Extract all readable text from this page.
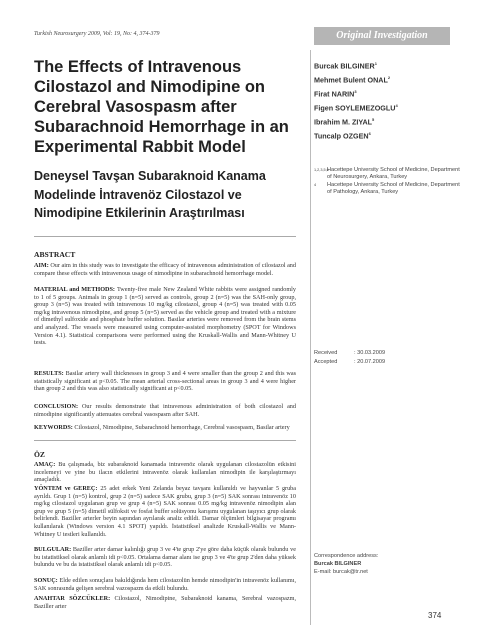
Turkish Neurosurgery 2009, Vol: 19, No: 4, 374-379	Original Investigation
The Effects of Intravenous Cilostazol and Nimodipine on Cerebral Vasospasm after Subarachnoid Hemorrhage in an Experimental Rabbit Model
Deneysel Tavşan Subaraknoid Kanama Modelinde İntravenöz Cilostazol ve Nimodipine Etkilerinin Araştırılması
Burcak BILGINER$^1$
Mehmet Bulent ONAL$^2$
Firat NARIN$^3$
Figen SOYLEMEZOGLU$^4$
Ibrahim M. ZIYAL$^5$
Tuncalp OZGEN$^6$
1,2,3,5,6
Hacettepe University School of Medicine, Department of Neurosurgery, Ankara, Turkey
4	Hacettepe University School of Medicine, Department of Pathology, Ankara, Turkey
Received	: 30.03.2009
Accepted	: 20.07.2009
Correspondence address:
Burcak BILGINER
E-mail: burcak@tr.net
ABSTRACT

AIM: Our aim in this study was to investigate the efficacy of intravenous administration of cilostazol and compare these effects with intravenous usage of nimodipine in subarachnoid hemorrhage model.

MATERIAL and METHODS: Twenty-five male New Zealand White rabbits were assigned randomly to 1 of 5 groups. Animals in group 1 (n=5) served as controls, group 2 (n=5) was the SAH-only group, group 3 (n=5) was treated with intravenous 10 mg/kg cilostazol, group 4 (n=5) was treated with 0.05 mg/kg intravenous nimodipine, and group 5 (n=5) served as the vehicle group and treated with a mixture of dimethyl sulfoxide and phosphate buffer solution. Basilar arteries were removed from the brain stems and analyzed. The vessels were measured using computer-assisted morphometry (SPOT for Windows Version 4.1). Statistical comparisons were performed using the Kruskall-Wallis and Mann-Whitney U tests.

RESULTS: Basilar artery wall thicknesses in group 3 and 4 were smaller than the group 2 and this was statistically significant at p<0.05. The mean arterial cross-sectional areas in group 3 and 4 were higher than group 2 and this was also statistically significant at p<0.05.

CONCLUSION: Our results demonstrate that intravenous administration of both cilostazol and nimodipine significantly attenuates cerebral vasospasm after SAH.

KEYWORDS: Cilostazol, Nimodipine, Subarachnoid hemorrhage, Cerebral vasospasm, Basilar artery

ÖZ

AMAÇ: Bu çalışmada, biz subaraknoid kanamada intravenöz olarak uygulanan cilostazolün etkisini incelemeyi ve yine bu ilacın etkilerini intravenöz olarak kullanılan nimodipin ile karşılaştırmayı amaçladık.

YÖNTEM ve GEREÇ: 25 adet erkek Yeni Zelanda beyaz tavşanı kullanıldı ve hayvanlar 5 gruba ayrıldı. Grup 1 (n=5) kontrol, grup 2 (n=5) sadece SAK grubu, grup 3 (n=5) SAK sonrası intravenöz 10 mg/kg cilostazol uygulanan grup ve grup 4 (n=5) SAK sonrası 0.05 mg/kg intravenöz nimodipin alan grup ve grup 5 (n=5) dimetil sülfoksit ve fosfat buffer solüsyonu karışımı uygulanan taşıyıcı grup olarak belirlendi. Baziller arterler beyin sapından ayrılarak analiz edildi. Damar ölçümleri bilgisayar programı kullanılarak (Windows version 4.1 SPOT) yapıldı. İstatistiksel analizde Kruskall-Wallis ve Mann-Whitney U testleri kullanıldı.

BULGULAR: Baziller arter damar kalınlığı grup 3 ve 4'te grup 2'ye göre daha küçük olarak bulundu ve bu istatistiksel olarak anlamlı idi p<0.05. Ortalama damar alanı ise grup 3 ve 4'te grup 2'den daha yüksek bulundu ve bu da istatistiksel olarak anlamlı idi p<0.05.

SONUÇ: Elde edilen sonuçlara bakıldığında hem cilostazolün hemde nimodipin'in intravenöz kullanımı, SAK sonrasında gelişen serebral vazospazm da etkili bulundu.

ANAHTAR SÖZCÜKLER: Cilostazol, Nimodipine, Subaraknoid kanama, Serebral vazospazm, Baziller arter

374
